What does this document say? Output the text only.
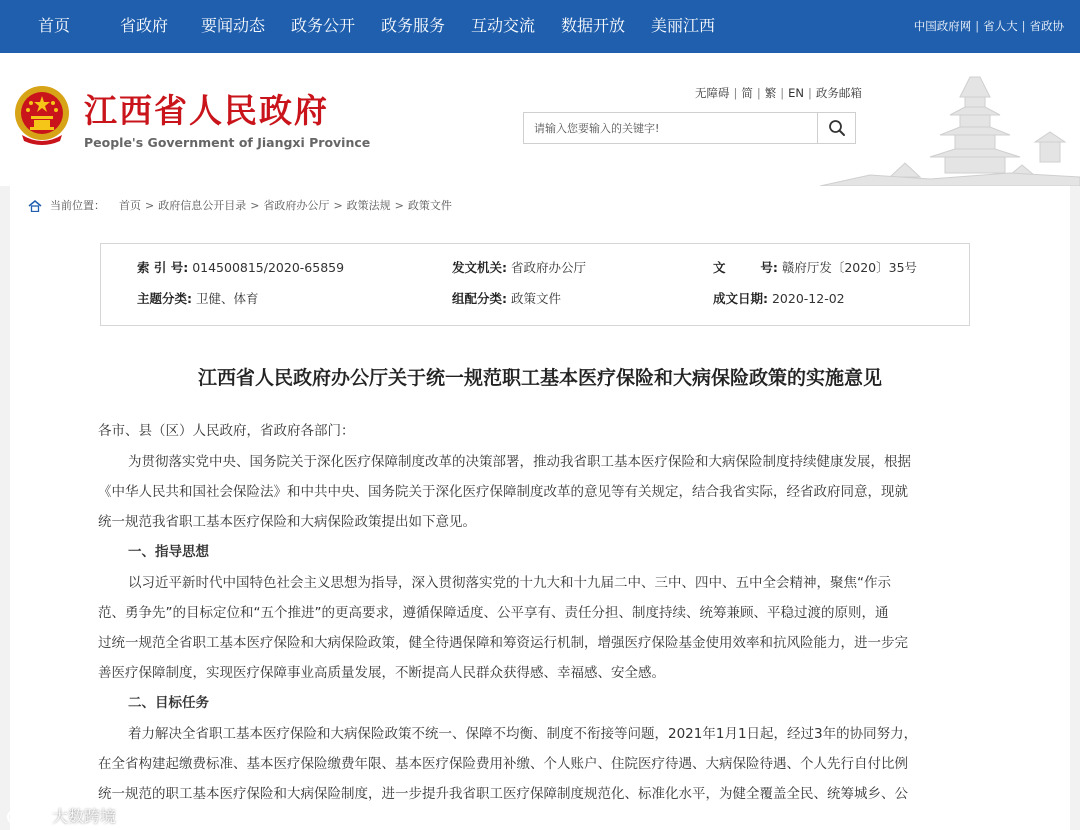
首页	省政府 要闻动态 政务公开 政务服务 互动交流 数据开放 美丽江西	中国政府网 | 省人大 | 省政协
江西省人民政府
People's Government of Jiangxi Province
无障碍 | 简 | 繁 | EN | 政务邮箱
请输入您要输入的关键字!
当前位置： 首页 > 政府信息公开目录 > 省政府办公厅 > 政策法规 > 政策文件
索 引 号: 014500815/2020-65859	发文机关: 省政府办公厅	文        号: 赣府厅发〔2020〕35号
主题分类: 卫健、体育	组配分类: 政策文件	成文日期: 2020-12-02
江西省人民政府办公厅关于统一规范职工基本医疗保险和大病保险政策的实施意见
各市、县（区）人民政府，省政府各部门：
为贯彻落实党中央、国务院关于深化医疗保障制度改革的决策部署，推动我省职工基本医疗保险和大病保险制度持续健康发展，根据
《中华人民共和国社会保险法》和中共中央、国务院关于深化医疗保障制度改革的意见等有关规定，结合我省实际，经省政府同意，现就
统一规范我省职工基本医疗保险和大病保险政策提出如下意见。
一、指导思想
以习近平新时代中国特色社会主义思想为指导，深入贯彻落实党的十九大和十九届二中、三中、四中、五中全会精神，聚焦“作示
范、勇争先”的目标定位和“五个推进”的更高要求，遵循保障适度、公平享有、责任分担、制度持续、统筹兼顾、平稳过渡的原则，通
过统一规范全省职工基本医疗保险和大病保险政策，健全待遇保障和筹资运行机制，增强医疗保险基金使用效率和抗风险能力，进一步完
善医疗保障制度，实现医疗保障事业高质量发展，不断提高人民群众获得感、幸福感、安全感。
二、目标任务
着力解决全省职工基本医疗保险和大病保险政策不统一、保障不均衡、制度不衔接等问题，2021年1月1日起，经过3年的协同努力，
在全省构建起缴费标准、基本医疗保险缴费年限、基本医疗保险费用补缴、个人账户、住院医疗待遇、大病保险待遇、个人先行自付比例
统一规范的职工基本医疗保险和大病保险制度，进一步提升我省职工医疗保障制度规范化、标准化水平，为健全覆盖全民、统筹城乡、公
大数跨境
